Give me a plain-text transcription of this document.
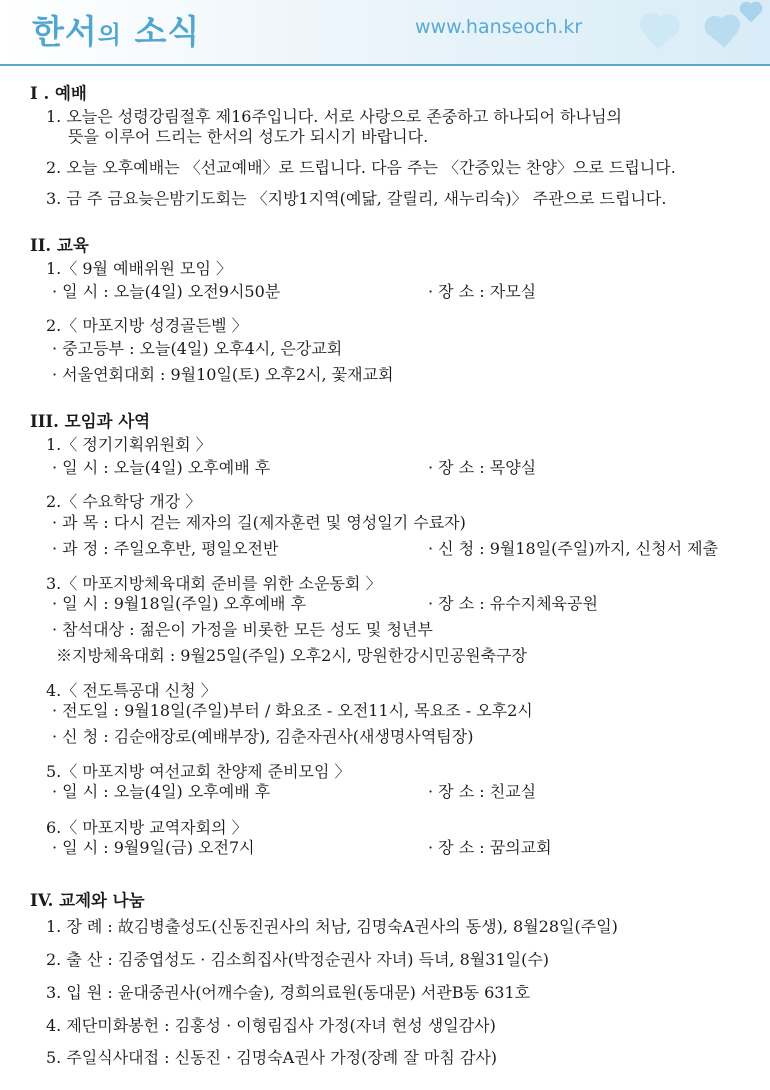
한서의 소식	www.hanseoch.kr
I . 예배
1. 오늘은 성령강림절후 제16주입니다. 서로 사랑으로 존중하고 하나되어 하나님의
뜻을 이루어 드리는 한서의 성도가 되시기 바랍니다.
2. 오늘 오후예배는 〈선교예배〉로 드립니다. 다음 주는 〈간증있는 찬양〉으로 드립니다.
3. 금 주 금요늦은밤기도회는 〈지방1지역(예닮, 갈릴리, 새누리숙)〉 주관으로 드립니다.
II. 교육
1.〈 9월 예배위원 모임 〉
· 일 시 : 오늘(4일) 오전9시50분	· 장 소 : 자모실
2.〈 마포지방 성경골든벨 〉
· 중고등부 : 오늘(4일) 오후4시, 은강교회
· 서울연회대회 : 9월10일(토) 오후2시, 꽃재교회
III. 모임과 사역
1.〈 정기기획위원회 〉
· 일 시 : 오늘(4일) 오후예배 후	· 장 소 : 목양실
2.〈 수요학당 개강 〉
· 과 목 : 다시 걷는 제자의 길(제자훈련 및 영성일기 수료자)
· 과 정 : 주일오후반, 평일오전반	· 신 청 : 9월18일(주일)까지, 신청서 제출
3.〈 마포지방체육대회 준비를 위한 소운동회 〉
· 일 시 : 9월18일(주일) 오후예배 후	· 장 소 : 유수지체육공원
· 참석대상 : 젊은이 가정을 비롯한 모든 성도 및 청년부
※지방체육대회 : 9월25일(주일) 오후2시, 망원한강시민공원축구장
4.〈 전도특공대 신청 〉
· 전도일 : 9월18일(주일)부터 / 화요조 - 오전11시, 목요조 - 오후2시
· 신 청 : 김순애장로(예배부장), 김춘자권사(새생명사역팀장)
5.〈 마포지방 여선교회 찬양제 준비모임 〉
· 일 시 : 오늘(4일) 오후예배 후	· 장 소 : 친교실
6.〈 마포지방 교역자회의 〉
· 일 시 : 9월9일(금) 오전7시	· 장 소 : 꿈의교회
IV. 교제와 나눔
1. 장 례 : 故김병출성도(신동진권사의 처남, 김명숙A권사의 동생), 8월28일(주일)
2. 출 산 : 김중엽성도 · 김소희집사(박정순권사 자녀) 득녀, 8월31일(수)
3. 입 원 : 윤대중권사(어깨수술), 경희의료원(동대문) 서관B동 631호
4. 제단미화봉헌 : 김홍성 · 이형림집사 가정(자녀 현성 생일감사)
5. 주일식사대접 : 신동진 · 김명숙A권사 가정(장례 잘 마침 감사)
